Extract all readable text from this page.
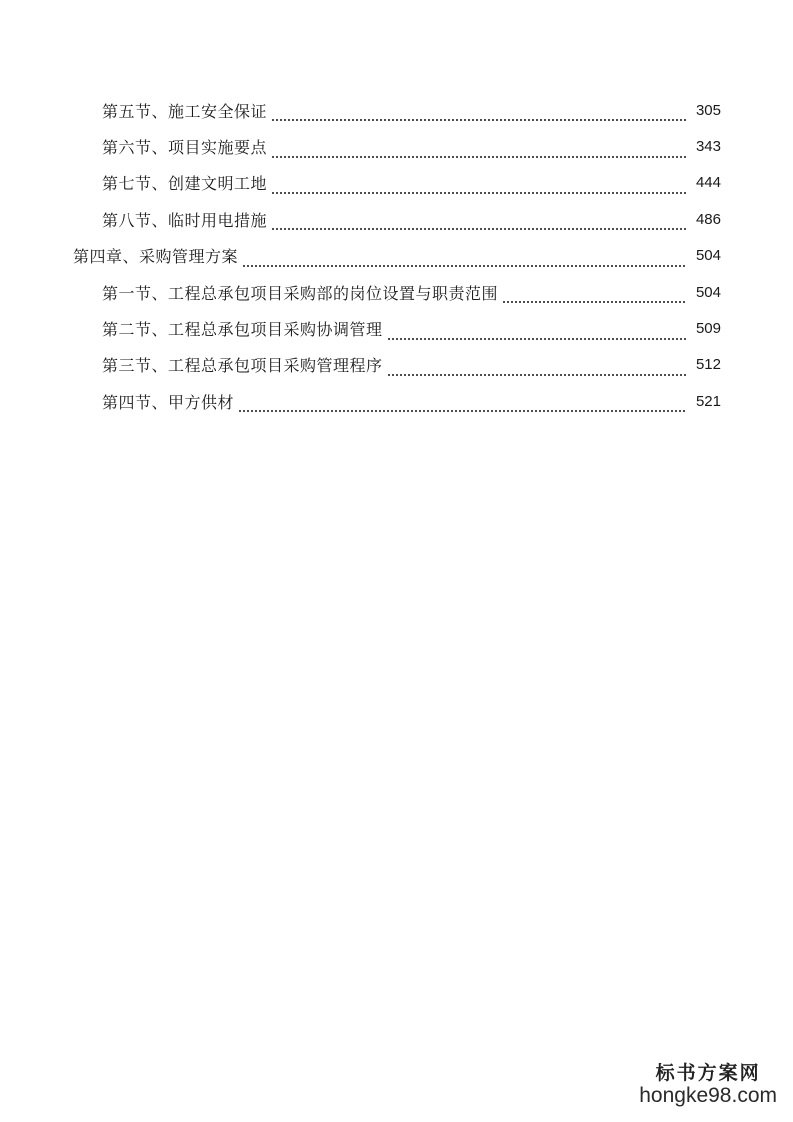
第五节、施工安全保证	305
第六节、项目实施要点	343
第七节、创建文明工地	444
第八节、临时用电措施	486
第四章、采购管理方案	504
第一节、工程总承包项目采购部的岗位设置与职责范围	504
第二节、工程总承包项目采购协调管理	509
第三节、工程总承包项目采购管理程序	512
第四节、甲方供材	521
标书方案网
hongke98.com
